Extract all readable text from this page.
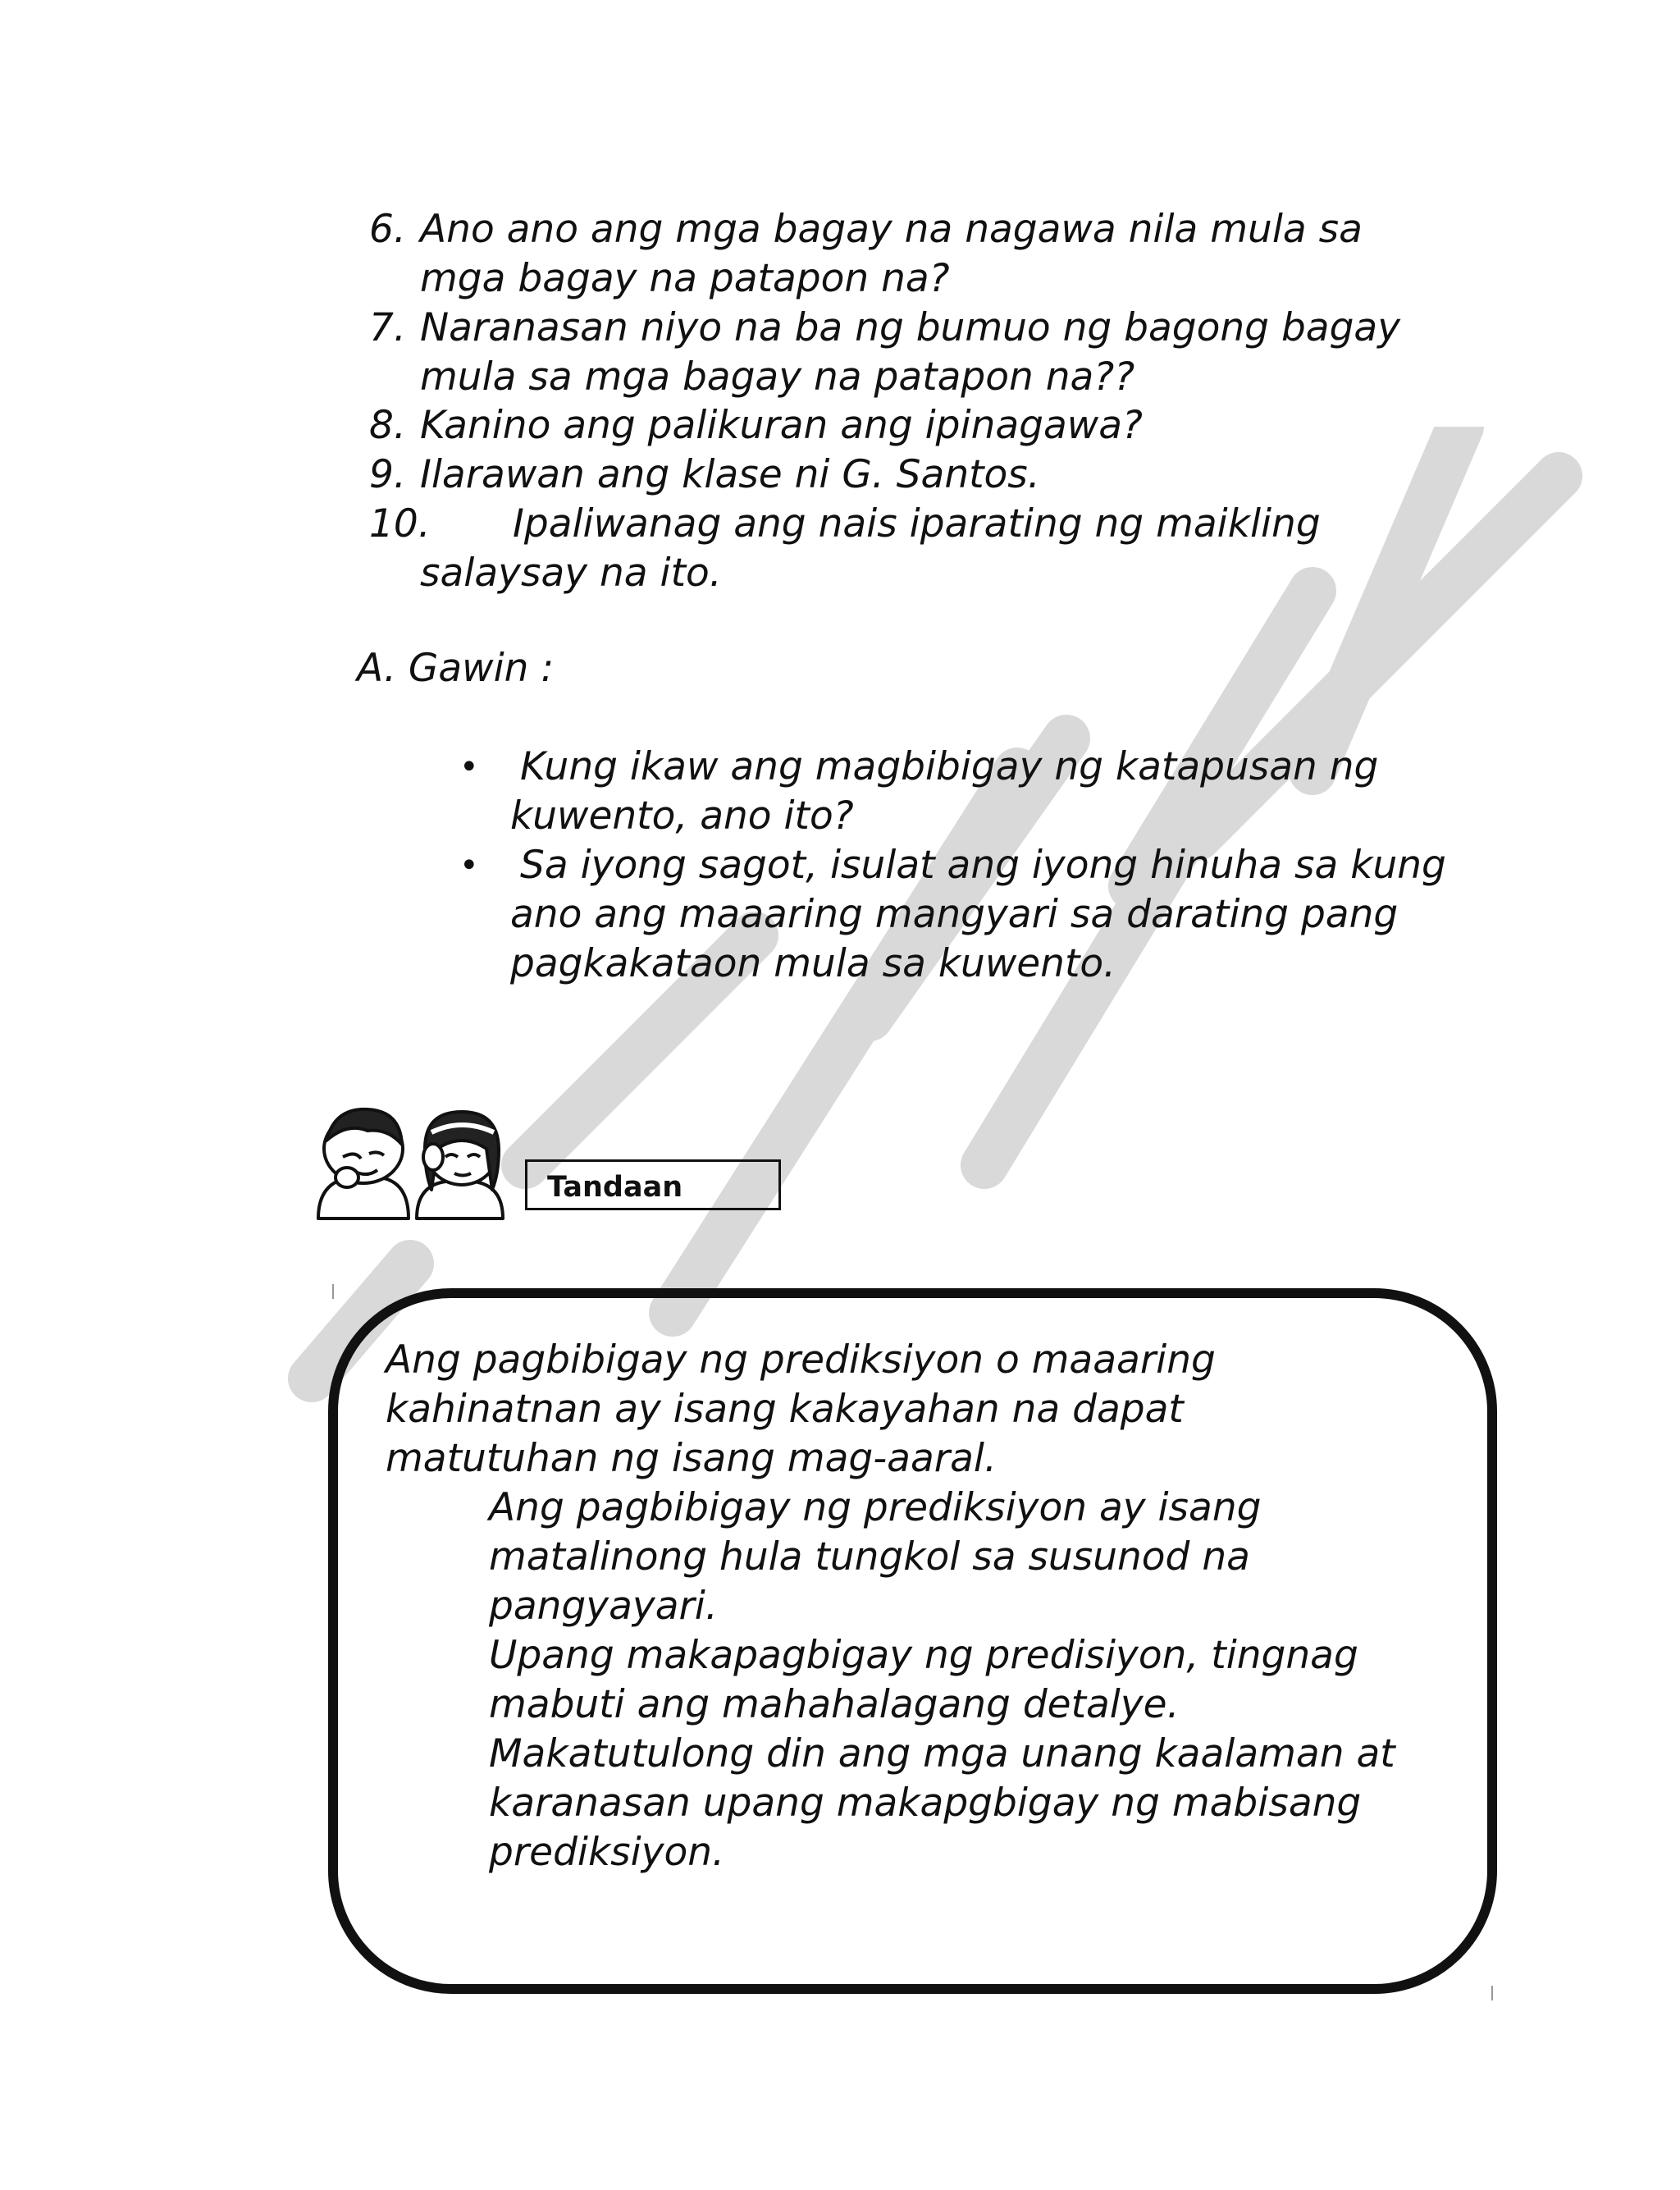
6. Ano ano ang mga bagay na nagawa nila mula sa
mga bagay na patapon na?
7. Naranasan niyo na ba ng bumuo ng bagong bagay
mula sa mga bagay na patapon na??
8. Kanino ang palikuran ang ipinagawa?
9. Ilarawan ang klase ni G. Santos.
10.	Ipaliwanag ang nais iparating ng maikling
salaysay na ito.
A. Gawin :
• Kung ikaw ang magbibigay ng katapusan ng
kuwento, ano ito?
• Sa iyong sagot, isulat ang iyong hinuha sa kung
ano ang maaaring mangyari sa darating pang
pagkakataon mula sa kuwento.
Tandaan
Ang pagbibigay ng prediksiyon o maaaring
kahinatnan ay isang kakayahan na dapat
matutuhan ng isang mag-aaral.
Ang pagbibigay ng prediksiyon ay isang
matalinong hula tungkol sa susunod na
pangyayari.
Upang makapagbigay ng predisiyon, tingnag
mabuti ang mahahalagang detalye.
Makatutulong din ang mga unang kaalaman at
karanasan upang makapgbigay ng mabisang
prediksiyon.
